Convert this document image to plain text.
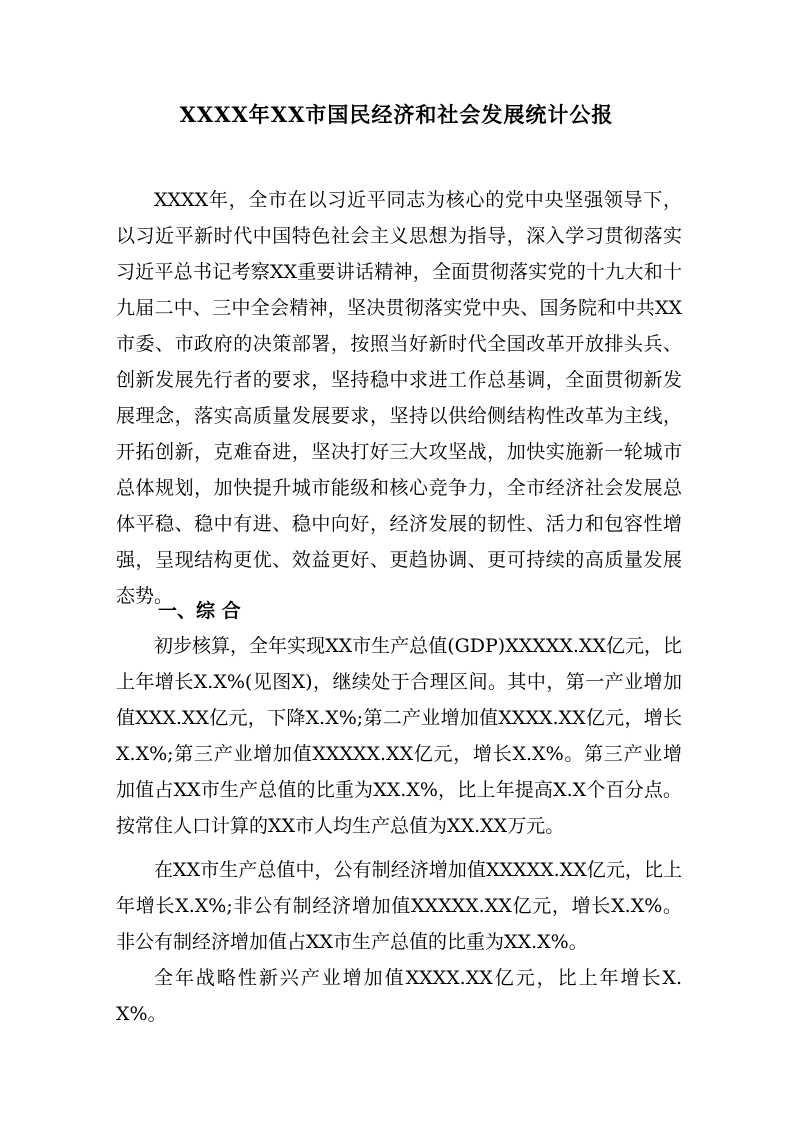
XXXX年XX市国民经济和社会发展统计公报

XXXX年，全市在以习近平同志为核心的党中央坚强领导下，以习近平新时代中国特色社会主义思想为指导，深入学习贯彻落实习近平总书记考察XX重要讲话精神，全面贯彻落实党的十九大和十九届二中、三中全会精神，坚决贯彻落实党中央、国务院和中共XX市委、市政府的决策部署，按照当好新时代全国改革开放排头兵、创新发展先行者的要求，坚持稳中求进工作总基调，全面贯彻新发展理念，落实高质量发展要求，坚持以供给侧结构性改革为主线，开拓创新，克难奋进，坚决打好三大攻坚战，加快实施新一轮城市总体规划，加快提升城市能级和核心竞争力，全市经济社会发展总体平稳、稳中有进、稳中向好，经济发展的韧性、活力和包容性增强，呈现结构更优、效益更好、更趋协调、更可持续的高质量发展态势。

一、综 合

初步核算，全年实现XX市生产总值(GDP)XXXXX.XX亿元，比上年增长X.X%(见图X)，继续处于合理区间。其中，第一产业增加值XXX.XX亿元，下降X.X%;第二产业增加值XXXX.XX亿元，增长X.X%;第三产业增加值XXXXX.XX亿元，增长X.X%。第三产业增加值占XX市生产总值的比重为XX.X%，比上年提高X.X个百分点。按常住人口计算的XX市人均生产总值为XX.XX万元。

在XX市生产总值中，公有制经济增加值XXXXX.XX亿元，比上年增长X.X%;非公有制经济增加值XXXXX.XX亿元，增长X.X%。非公有制经济增加值占XX市生产总值的比重为XX.X%。

全年战略性新兴产业增加值XXXX.XX亿元，比上年增长X.X%。
